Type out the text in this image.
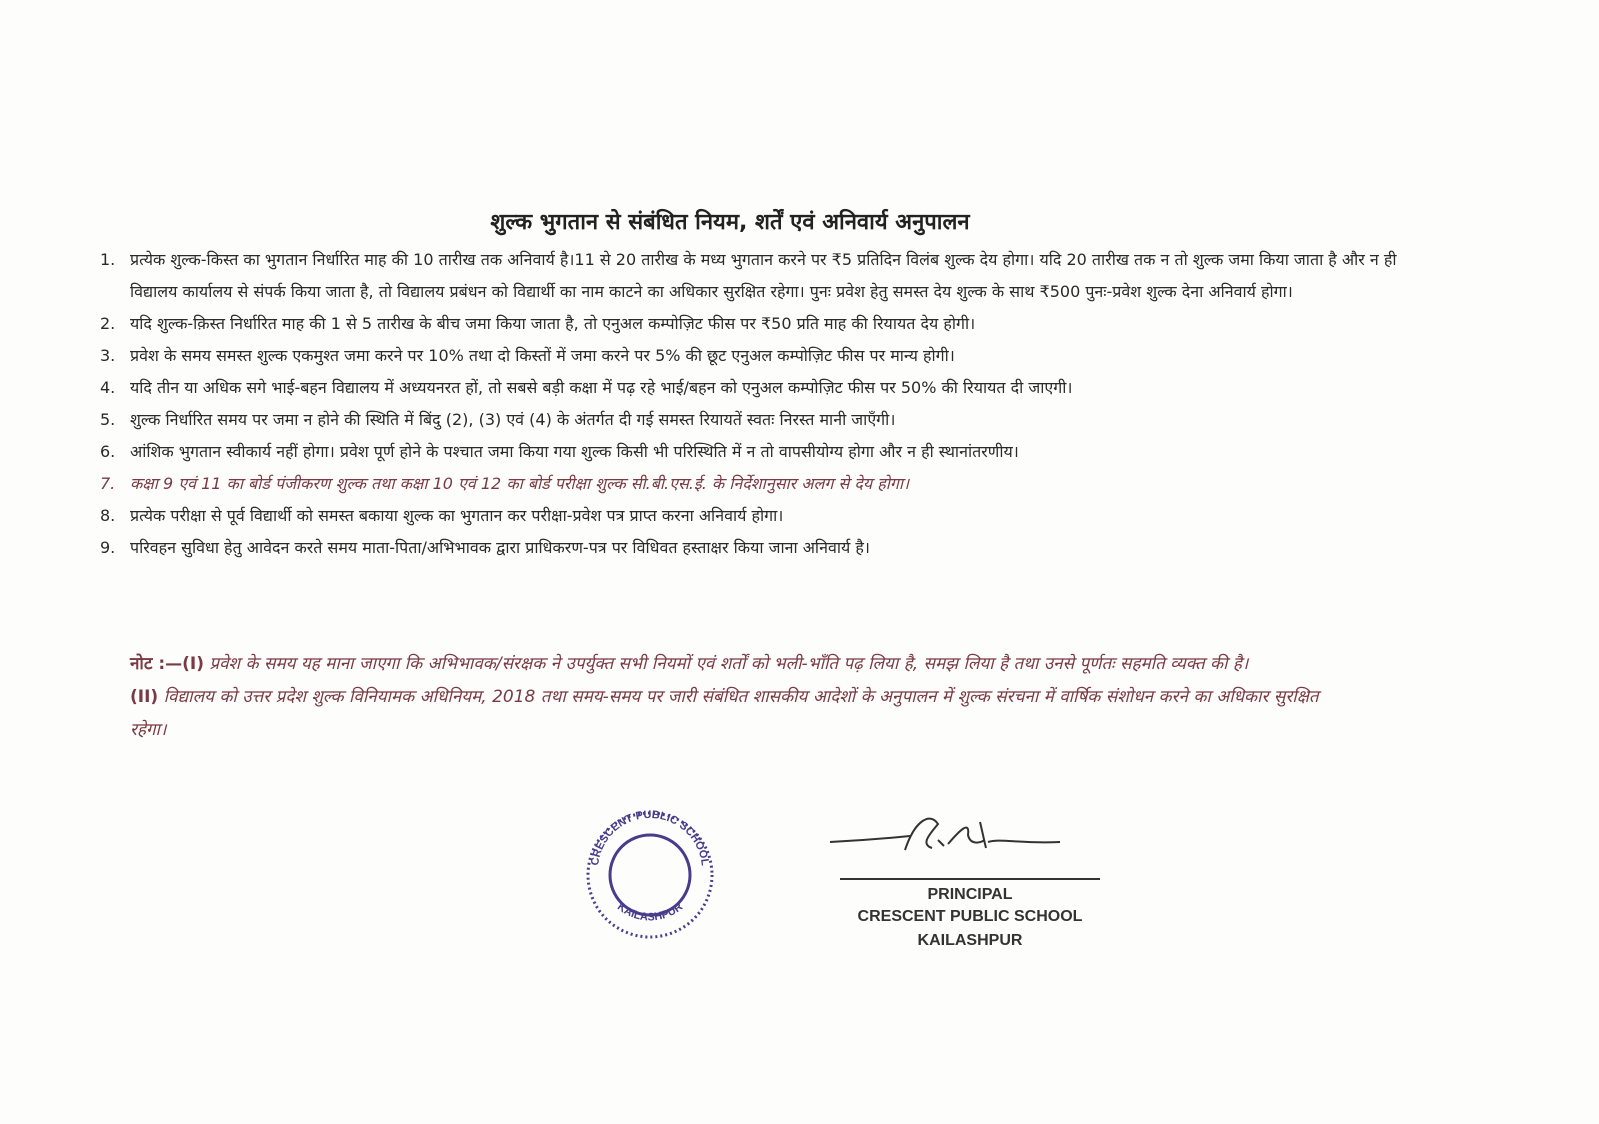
शुल्क भुगतान से संबंधित नियम, शर्तें एवं अनिवार्य अनुपालन
1. प्रत्येक शुल्क-किस्त का भुगतान निर्धारित माह की 10 तारीख तक अनिवार्य है।11 से 20 तारीख के मध्य भुगतान करने पर ₹5 प्रतिदिन विलंब शुल्क देय होगा। यदि 20 तारीख तक न तो शुल्क जमा किया जाता है और न ही विद्यालय कार्यालय से संपर्क किया जाता है, तो विद्यालय प्रबंधन को विद्यार्थी का नाम काटने का अधिकार सुरक्षित रहेगा। पुनः प्रवेश हेतु समस्त देय शुल्क के साथ ₹500 पुनः-प्रवेश शुल्क देना अनिवार्य होगा।
2. यदि शुल्क-क़िस्त निर्धारित माह की 1 से 5 तारीख के बीच जमा किया जाता है, तो एनुअल कम्पोज़िट फीस पर ₹50 प्रति माह की रियायत देय होगी।
3. प्रवेश के समय समस्त शुल्क एकमुश्त जमा करने पर 10% तथा दो किस्तों में जमा करने पर 5% की छूट एनुअल कम्पोज़िट फीस पर मान्य होगी।
4. यदि तीन या अधिक सगे भाई-बहन विद्यालय में अध्ययनरत हों, तो सबसे बड़ी कक्षा में पढ़ रहे भाई/बहन को एनुअल कम्पोज़िट फीस पर 50% की रियायत दी जाएगी।
5. शुल्क निर्धारित समय पर जमा न होने की स्थिति में बिंदु (2), (3) एवं (4) के अंतर्गत दी गई समस्त रियायतें स्वतः निरस्त मानी जाएँगी।
6. आंशिक भुगतान स्वीकार्य नहीं होगा। प्रवेश पूर्ण होने के पश्चात जमा किया गया शुल्क किसी भी परिस्थिति में न तो वापसीयोग्य होगा और न ही स्थानांतरणीय।
7. कक्षा 9 एवं 11 का बोर्ड पंजीकरण शुल्क तथा कक्षा 10 एवं 12 का बोर्ड परीक्षा शुल्क सी.बी.एस.ई. के निर्देशानुसार अलग से देय होगा।
8. प्रत्येक परीक्षा से पूर्व विद्यार्थी को समस्त बकाया शुल्क का भुगतान कर परीक्षा-प्रवेश पत्र प्राप्त करना अनिवार्य होगा।
9. परिवहन सुविधा हेतु आवेदन करते समय माता-पिता/अभिभावक द्वारा प्राधिकरण-पत्र पर विधिवत हस्ताक्षर किया जाना अनिवार्य है।
नोट :—(I) प्रवेश के समय यह माना जाएगा कि अभिभावक/संरक्षक ने उपर्युक्त सभी नियमों एवं शर्तों को भली-भाँति पढ़ लिया है, समझ लिया है तथा उनसे पूर्णतः सहमति व्यक्त की है।
(II) विद्यालय को उत्तर प्रदेश शुल्क विनियामक अधिनियम, 2018 तथा समय-समय पर जारी संबंधित शासकीय आदेशों के अनुपालन में शुल्क संरचना में वार्षिक संशोधन करने का अधिकार सुरक्षित रहेगा।
CRESCENT PUBLIC SCHOOL
KAILASHPUR
PRINCIPAL
CRESCENT PUBLIC SCHOOL
KAILASHPUR
